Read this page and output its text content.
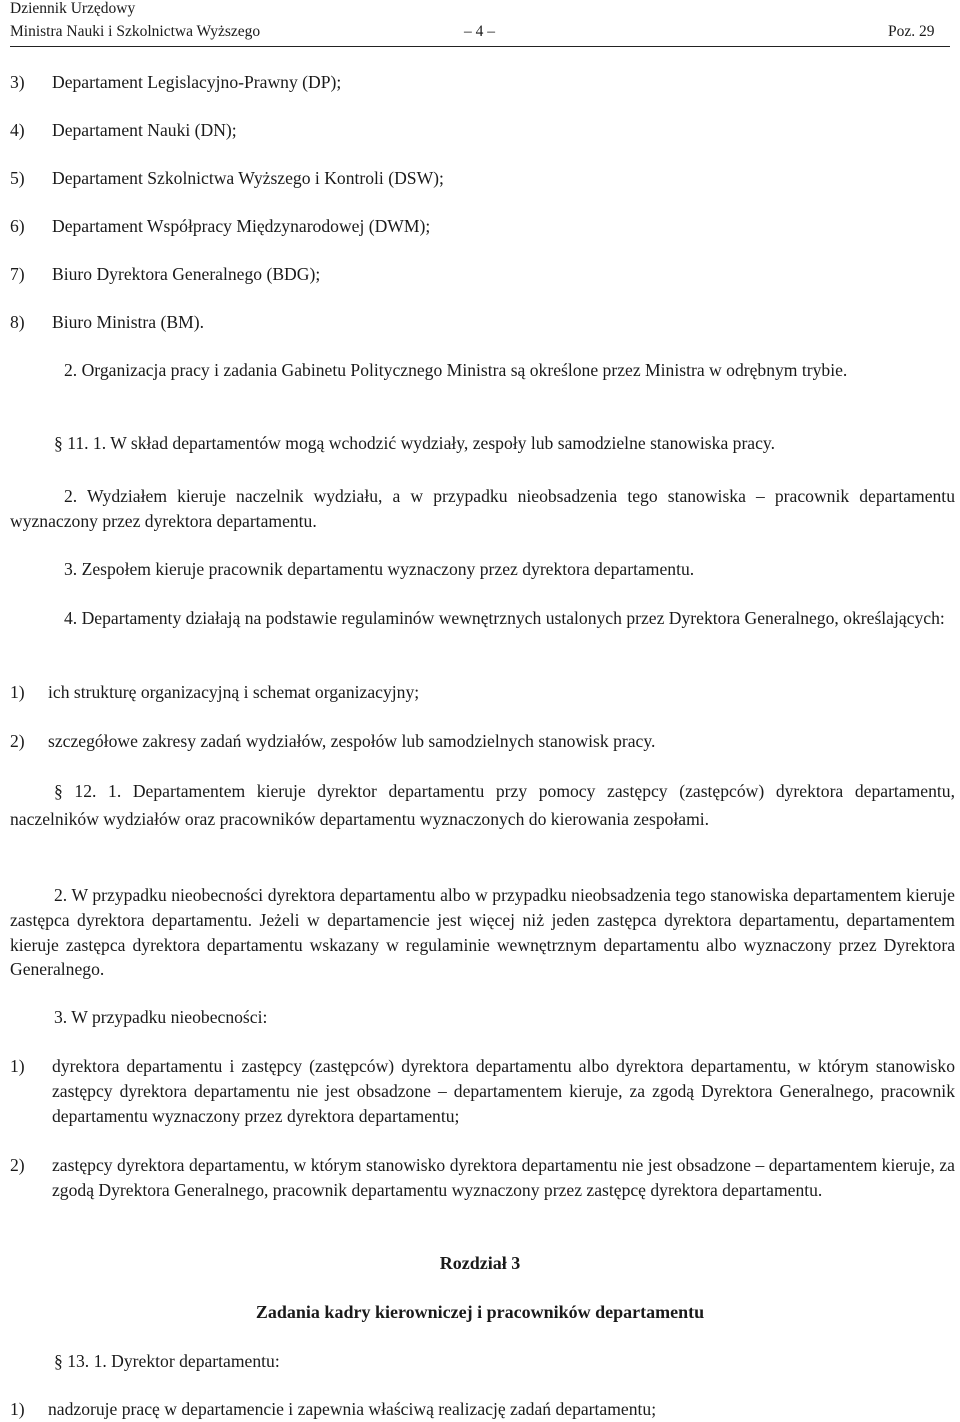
Dziennik Urzędowy
Ministra Nauki i Szkolnictwa Wyższego	– 4 –	Poz. 29
3) Departament Legislacyjno-Prawny (DP);
4) Departament Nauki (DN);
5) Departament Szkolnictwa Wyższego i Kontroli (DSW);
6) Departament Współpracy Międzynarodowej (DWM);
7) Biuro Dyrektora Generalnego (BDG);
8) Biuro Ministra (BM).
2. Organizacja pracy i zadania Gabinetu Politycznego Ministra są określone przez Ministra w odrębnym trybie.
§ 11. 1. W skład departamentów mogą wchodzić wydziały, zespoły lub samodzielne stanowiska pracy.
2. Wydziałem kieruje naczelnik wydziału, a w przypadku nieobsadzenia tego stanowiska – pracownik departamentu wyznaczony przez dyrektora departamentu.
3. Zespołem kieruje pracownik departamentu wyznaczony przez dyrektora departamentu.
4. Departamenty działają na podstawie regulaminów wewnętrznych ustalonych przez Dyrektora Generalnego, określających:
1) ich strukturę organizacyjną i schemat organizacyjny;
2) szczegółowe zakresy zadań wydziałów, zespołów lub samodzielnych stanowisk pracy.
§ 12. 1. Departamentem kieruje dyrektor departamentu przy pomocy zastępcy (zastępców) dyrektora departamentu, naczelników wydziałów oraz pracowników departamentu wyznaczonych do kierowania zespołami.
2. W przypadku nieobecności dyrektora departamentu albo w przypadku nieobsadzenia tego stanowiska departamentem kieruje zastępca dyrektora departamentu. Jeżeli w departamencie jest więcej niż jeden zastępca dyrektora departamentu, departamentem kieruje zastępca dyrektora departamentu wskazany w regulaminie wewnętrznym departamentu albo wyznaczony przez Dyrektora Generalnego.
3. W przypadku nieobecności:
1) dyrektora departamentu i zastępcy (zastępców) dyrektora departamentu albo dyrektora departamentu, w którym stanowisko zastępcy dyrektora departamentu nie jest obsadzone – departamentem kieruje, za zgodą Dyrektora Generalnego, pracownik departamentu wyznaczony przez dyrektora departamentu;
2) zastępcy dyrektora departamentu, w którym stanowisko dyrektora departamentu nie jest obsadzone – departamentem kieruje, za zgodą Dyrektora Generalnego, pracownik departamentu wyznaczony przez zastępcę dyrektora departamentu.
Rozdział 3
Zadania kadry kierowniczej i pracowników departamentu
§ 13. 1. Dyrektor departamentu:
1) nadzoruje pracę w departamencie i zapewnia właściwą realizację zadań departamentu;
